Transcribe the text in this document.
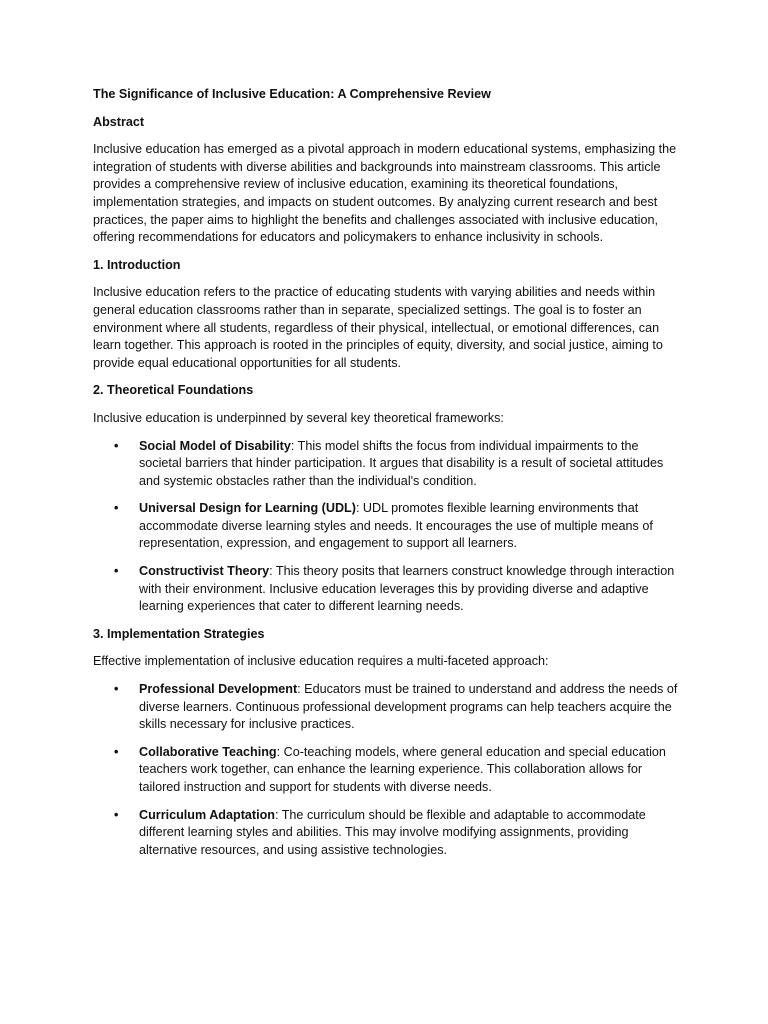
The Significance of Inclusive Education: A Comprehensive Review

Abstract

Inclusive education has emerged as a pivotal approach in modern educational systems, emphasizing the integration of students with diverse abilities and backgrounds into mainstream classrooms. This article provides a comprehensive review of inclusive education, examining its theoretical foundations, implementation strategies, and impacts on student outcomes. By analyzing current research and best practices, the paper aims to highlight the benefits and challenges associated with inclusive education, offering recommendations for educators and policymakers to enhance inclusivity in schools.

1. Introduction

Inclusive education refers to the practice of educating students with varying abilities and needs within general education classrooms rather than in separate, specialized settings. The goal is to foster an environment where all students, regardless of their physical, intellectual, or emotional differences, can learn together. This approach is rooted in the principles of equity, diversity, and social justice, aiming to provide equal educational opportunities for all students.

2. Theoretical Foundations

Inclusive education is underpinned by several key theoretical frameworks:

• Social Model of Disability: This model shifts the focus from individual impairments to the societal barriers that hinder participation. It argues that disability is a result of societal attitudes and systemic obstacles rather than the individual's condition.
• Universal Design for Learning (UDL): UDL promotes flexible learning environments that accommodate diverse learning styles and needs. It encourages the use of multiple means of representation, expression, and engagement to support all learners.
• Constructivist Theory: This theory posits that learners construct knowledge through interaction with their environment. Inclusive education leverages this by providing diverse and adaptive learning experiences that cater to different learning needs.

3. Implementation Strategies

Effective implementation of inclusive education requires a multi-faceted approach:

• Professional Development: Educators must be trained to understand and address the needs of diverse learners. Continuous professional development programs can help teachers acquire the skills necessary for inclusive practices.
• Collaborative Teaching: Co-teaching models, where general education and special education teachers work together, can enhance the learning experience. This collaboration allows for tailored instruction and support for students with diverse needs.
• Curriculum Adaptation: The curriculum should be flexible and adaptable to accommodate different learning styles and abilities. This may involve modifying assignments, providing alternative resources, and using assistive technologies.
